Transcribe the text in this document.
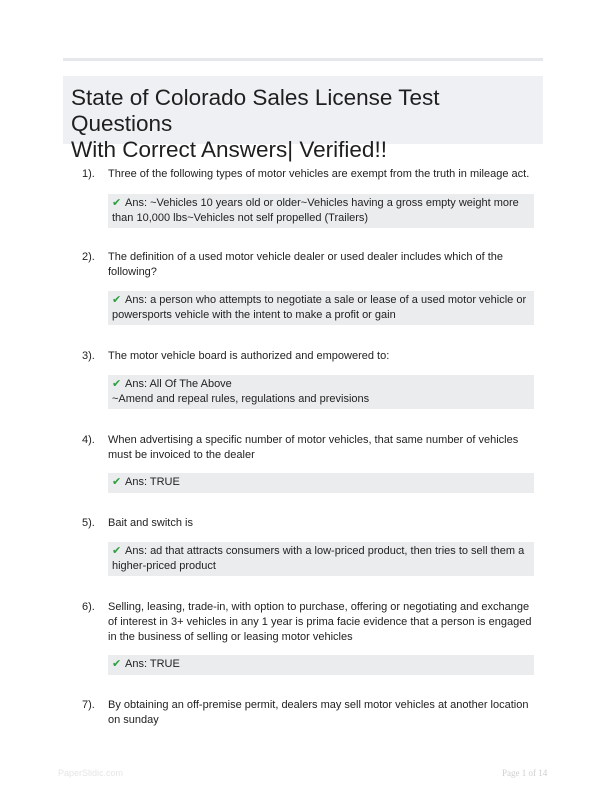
State of Colorado Sales License Test Questions
With Correct Answers| Verified!!
1). Three of the following types of motor vehicles are exempt from the truth in mileage act.
✔ Ans: ~Vehicles 10 years old or older~Vehicles having a gross empty weight more than 10,000 lbs~Vehicles not self propelled (Trailers)
2). The definition of a used motor vehicle dealer or used dealer includes which of the following?
✔ Ans: a person who attempts to negotiate a sale or lease of a used motor vehicle or powersports vehicle with the intent to make a profit or gain
3). The motor vehicle board is authorized and empowered to:
✔ Ans: All Of The Above
~Amend and repeal rules, regulations and previsions
4). When advertising a specific number of motor vehicles, that same number of vehicles must be invoiced to the dealer
✔ Ans: TRUE
5). Bait and switch is
✔ Ans: ad that attracts consumers with a low-priced product, then tries to sell them a higher-priced product
6). Selling, leasing, trade-in, with option to purchase, offering or negotiating and exchange of interest in 3+ vehicles in any 1 year is prima facie evidence that a person is engaged in the business of selling or leasing motor vehicles
✔ Ans: TRUE
7). By obtaining an off-premise permit, dealers may sell motor vehicles at another location on sunday
PaperSlidic.com	Page 1 of 14
